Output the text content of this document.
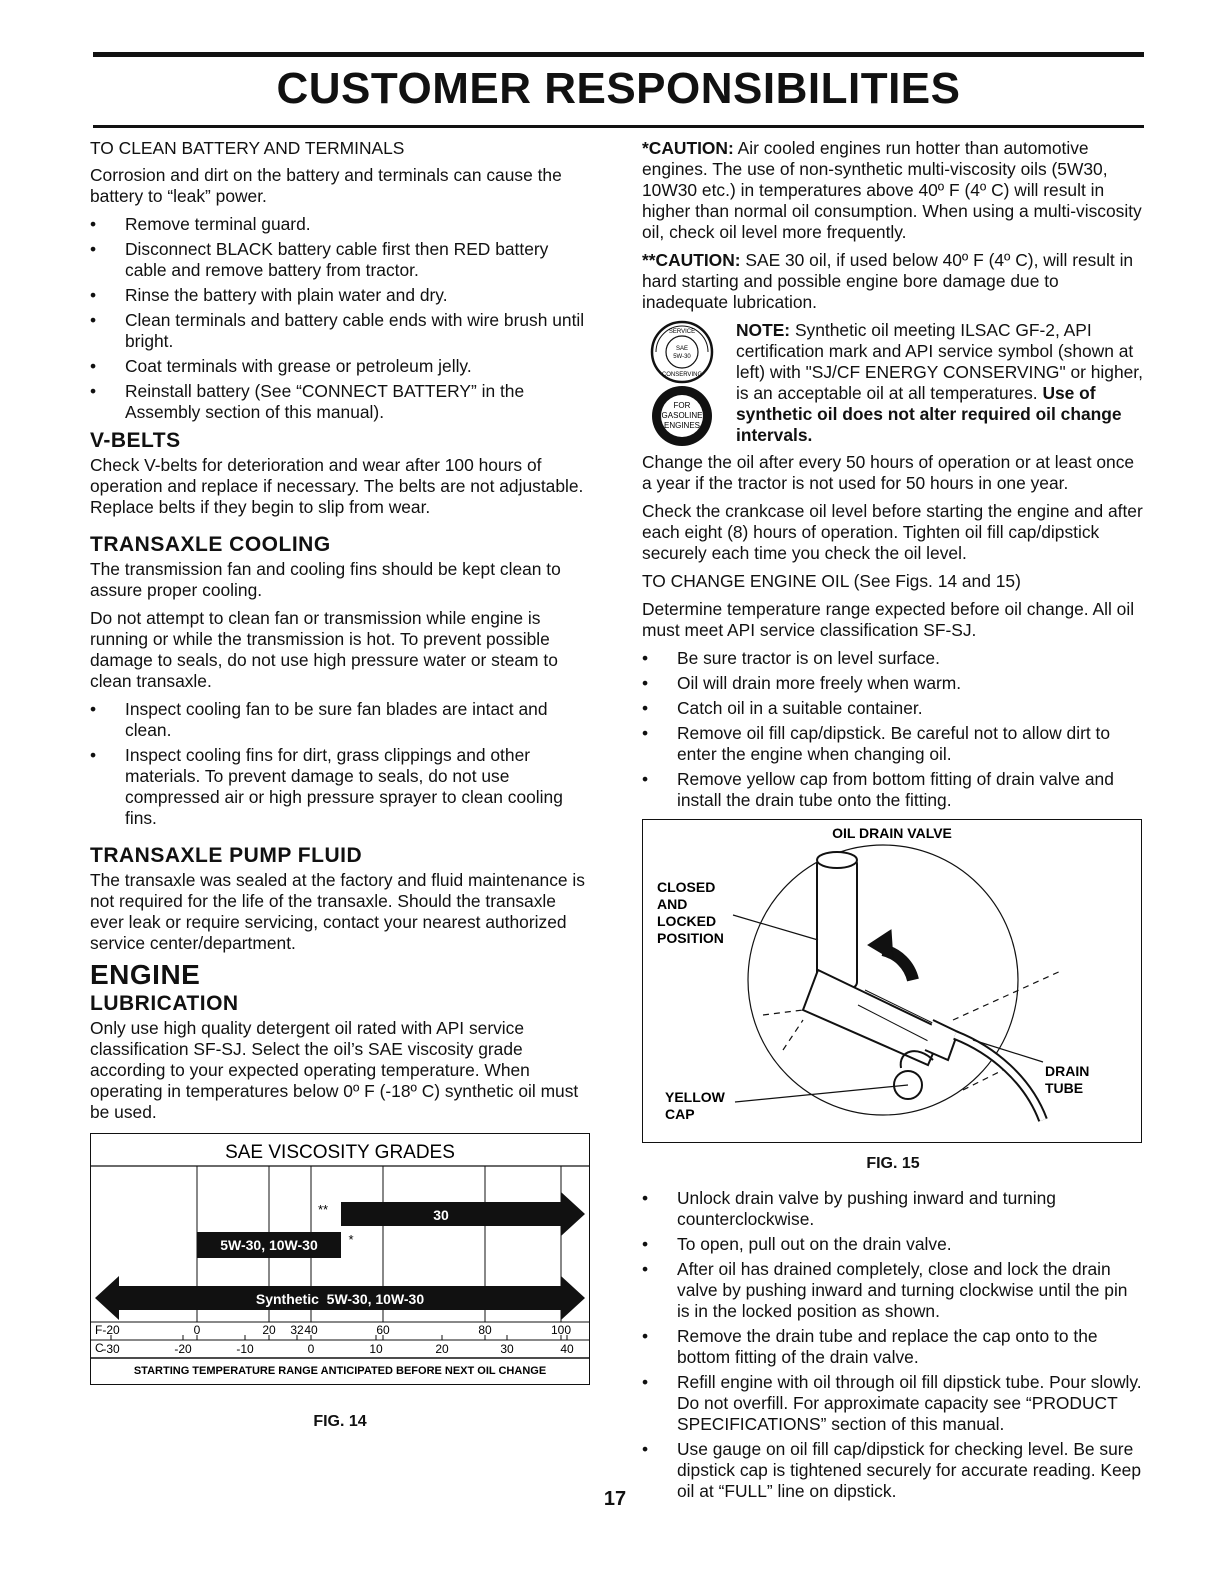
CUSTOMER RESPONSIBILITIES

TO CLEAN BATTERY AND TERMINALS

Corrosion and dirt on the battery and terminals can cause the battery to “leak” power.

• Remove terminal guard.
• Disconnect BLACK battery cable first then RED battery cable and remove battery from tractor.
• Rinse the battery with plain water and dry.
• Clean terminals and battery cable ends with wire brush until bright.
• Coat terminals with grease or petroleum jelly.
• Reinstall battery (See “CONNECT BATTERY” in the Assembly section of this manual).
V-BELTS

Check V-belts for deterioration and wear after 100 hours of operation and replace if necessary. The belts are not adjustable. Replace belts if they begin to slip from wear.

TRANSAXLE COOLING

The transmission fan and cooling fins should be kept clean to assure proper cooling.

Do not attempt to clean fan or transmission while engine is running or while the transmission is hot. To prevent possible damage to seals, do not use high pressure water or steam to clean transaxle.

• Inspect cooling fan to be sure fan blades are intact and clean.
• Inspect cooling fins for dirt, grass clippings and other materials. To prevent damage to seals, do not use compressed air or high pressure sprayer to clean cooling fins.
TRANSAXLE PUMP FLUID

The transaxle was sealed at the factory and fluid maintenance is not required for the life of the transaxle. Should the transaxle ever leak or require servicing, contact your nearest authorized service center/department.

ENGINE
LUBRICATION

Only use high quality detergent oil rated with API service classification SF-SJ. Select the oil’s SAE viscosity grade according to your expected operating temperature. When operating in temperatures below 0º F (-18º C) synthetic oil must be used.

SAE VISCOSITY GRADES
30
**
5W-30, 10W-30 *
Synthetic  5W-30, 10W-30
F
C
-20	0	20 32 40	60	80	100
-30	-20	-10	0	10	20	30	40
STARTING TEMPERATURE RANGE ANTICIPATED BEFORE NEXT OIL CHANGE
FIG. 14

*CAUTION: Air cooled engines run hotter than automotive engines. The use of non-synthetic multi-viscosity oils (5W30, 10W30 etc.) in temperatures above 40º F (4º C) will result in higher than normal oil consumption. When using a multi-viscosity oil, check oil level more frequently.

**CAUTION: SAE 30 oil, if used below 40º F (4º C), will result in hard starting and possible engine bore damage due to inadequate lubrication.

SERVICE
SAE
5W-30
CONSERVING
FOR
GASOLINE
ENGINES

NOTE: Synthetic oil meeting ILSAC GF-2, API certification mark and API service symbol (shown at left) with "SJ/CF ENERGY CONSERVING" or higher, is an acceptable oil at all temperatures. Use of synthetic oil does not alter required oil change intervals.

Change the oil after every 50 hours of operation or at least once a year if the tractor is not used for 50 hours in one year.

Check the crankcase oil level before starting the engine and after each eight (8) hours of operation. Tighten oil fill cap/dipstick securely each time you check the oil level.

TO CHANGE ENGINE OIL (See Figs. 14 and 15)

Determine temperature range expected before oil change. All oil must meet API service classification SF-SJ.

• Be sure tractor is on level surface.
• Oil will drain more freely when warm.
• Catch oil in a suitable container.
• Remove oil fill cap/dipstick. Be careful not to allow dirt to enter the engine when changing oil.
• Remove yellow cap from bottom fitting of drain valve and install the drain tube onto the fitting.
OIL DRAIN VALVE
CLOSED
AND
LOCKED
POSITION
YELLOW
CAP
DRAIN
TUBE
FIG. 15
• Unlock drain valve by pushing inward and turning counterclockwise.
• To open, pull out on the drain valve.
• After oil has drained completely, close and lock the drain valve by pushing inward and turning clockwise until the pin is in the locked position as shown.
• Remove the drain tube and replace the cap onto to the bottom fitting of the drain valve.
• Refill engine with oil through oil fill dipstick tube. Pour slowly. Do not overfill. For approximate capacity see “PRODUCT SPECIFICATIONS” section of this manual.
• Use gauge on oil fill cap/dipstick for checking level. Be sure dipstick cap is tightened securely for accurate reading. Keep oil at “FULL” line on dipstick.
17
